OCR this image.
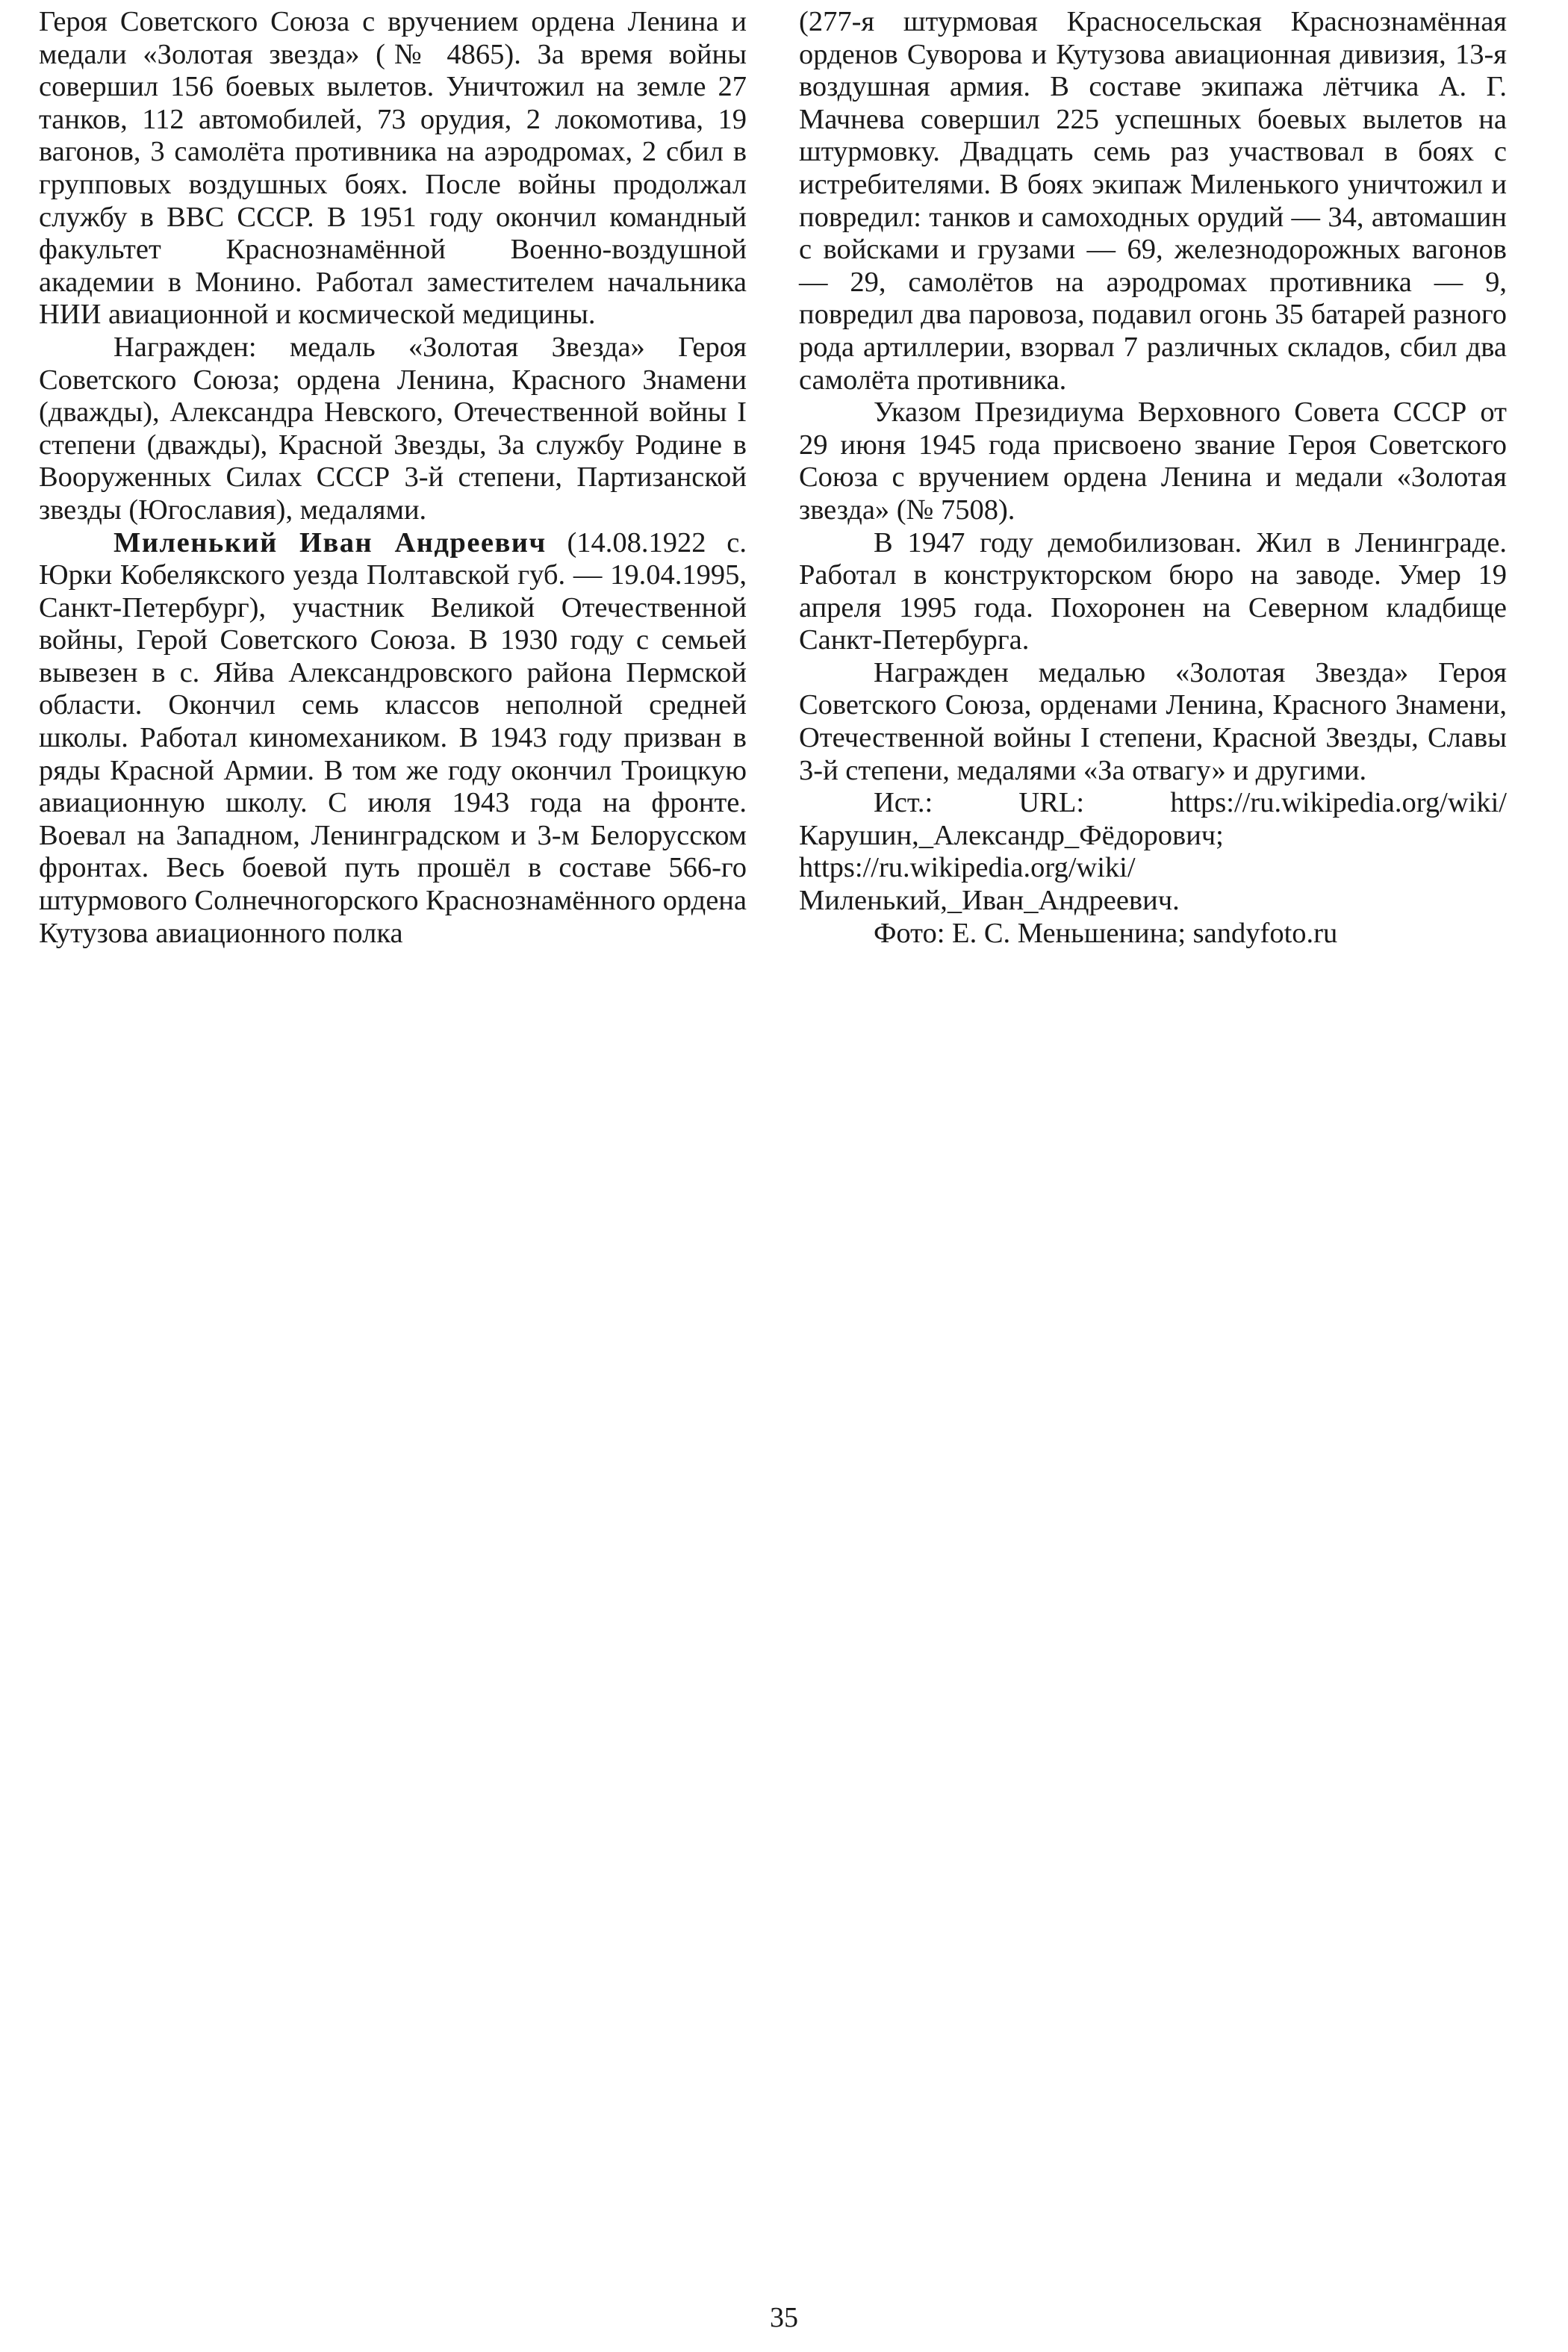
Героя Советского Союза с вручением ордена Ленина и медали «Золотая звезда» (№ 4865). За время войны совершил 156 боевых вылетов. Уничтожил на земле 27 танков, 112 автомобилей, 73 орудия, 2 локомотива, 19 вагонов, 3 самолёта противника на аэродромах, 2 сбил в групповых воздушных боях. После войны продолжал службу в ВВС СССР. В 1951 году окончил командный факультет Краснознамённой Военно-воздушной академии в Монино. Работал заместителем начальника НИИ авиационной и космической медицины.

Награжден: медаль «Золотая Звезда» Героя Советского Союза; ордена Ленина, Красного Знамени (дважды), Александра Невского, Отечественной войны I степени (дважды), Красной Звезды, За службу Родине в Вооруженных Силах СССР 3-й степени, Партизанской звезды (Югославия), медалями.

Миленький Иван Андреевич (14.08.1922 с. Юрки Кобелякского уезда Полтавской губ. — 19.04.1995, Санкт-Петербург), участник Великой Отечественной войны, Герой Советского Союза. В 1930 году с семьей вывезен в с. Яйва Александровского района Пермской области. Окончил семь классов неполной средней школы. Работал киномехаником. В 1943 году призван в ряды Красной Армии. В том же году окончил Троицкую авиационную школу. С июля 1943 года на фронте. Воевал на Западном, Ленинградском и 3-м Белорусском фронтах. Весь боевой путь прошёл в составе 566-го штурмового Солнечногорского Краснознамённого ордена Кутузова авиационного полка

(277-я штурмовая Красносельская Краснознамённая орденов Суворова и Кутузова авиационная дивизия, 13-я воздушная армия. В составе экипажа лётчика А. Г. Мачнева совершил 225 успешных боевых вылетов на штурмовку. Двадцать семь раз участвовал в боях с истребителями. В боях экипаж Миленького уничтожил и повредил: танков и самоходных орудий — 34, автомашин с войсками и грузами — 69, железнодорожных вагонов — 29, самолётов на аэродромах противника — 9, повредил два паровоза, подавил огонь 35 батарей разного рода артиллерии, взорвал 7 различных складов, сбил два самолёта противника.

Указом Президиума Верховного Совета СССР от 29 июня 1945 года присвоено звание Героя Советского Союза с вручением ордена Ленина и медали «Золотая звезда» (№ 7508).

В 1947 году демобилизован. Жил в Ленинграде. Работал в конструкторском бюро на заводе. Умер 19 апреля 1995 года. Похоронен на Северном кладбище Санкт-Петербурга.

Награжден медалью «Золотая Звезда» Героя Советского Союза, орденами Ленина, Красного Знамени, Отечественной войны I степени, Красной Звезды, Славы 3-й степени, медалями «За отвагу» и другими.

Ист.: URL: https://ru.wikipedia.org/wiki/Карушин,_Александр_Фёдорович; https://ru.wikipedia.org/wiki/Миленький,_Иван_Андреевич.

Фото: Е. С. Меньшенина; sandyfoto.ru

35
